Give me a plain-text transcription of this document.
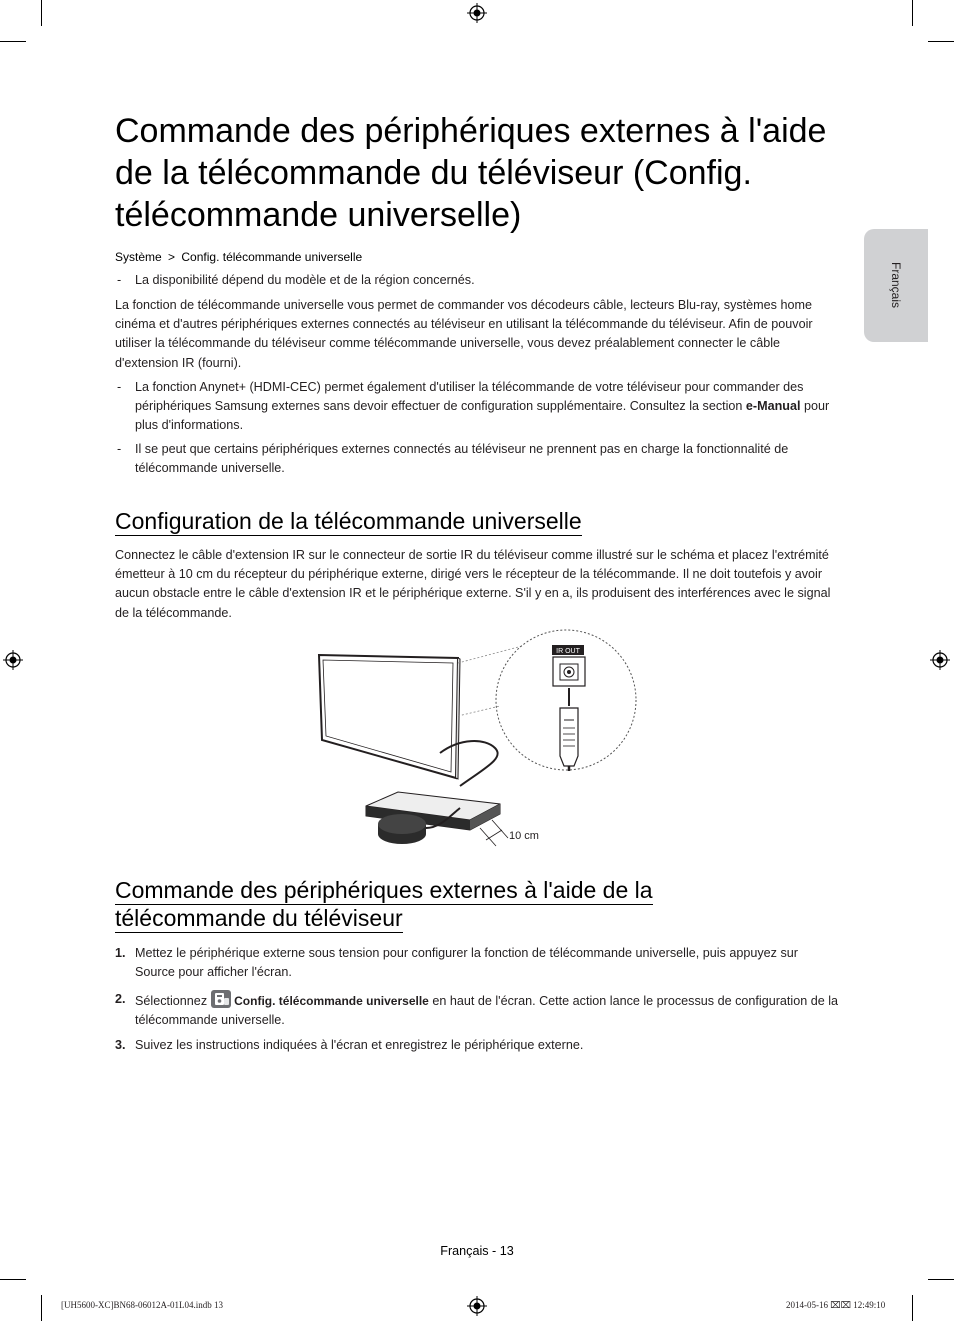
Français
Commande des périphériques externes à l'aide de la télécommande du téléviseur (Config. télécommande universelle)
Système > Config. télécommande universelle
- La disponibilité dépend du modèle et de la région concernés.

La fonction de télécommande universelle vous permet de commander vos décodeurs câble, lecteurs Blu-ray, systèmes home cinéma et d'autres périphériques externes connectés au téléviseur en utilisant la télécommande du téléviseur. Afin de pouvoir utiliser la télécommande du téléviseur comme télécommande universelle, vous devez préalablement connecter le câble d'extension IR (fourni).

- La fonction Anynet+ (HDMI-CEC) permet également d'utiliser la télécommande de votre téléviseur pour commander des périphériques Samsung externes sans devoir effectuer de configuration supplémentaire. Consultez la section e-Manual pour plus d'informations.
- Il se peut que certains périphériques externes connectés au téléviseur ne prennent pas en charge la fonctionnalité de télécommande universelle.
Configuration de la télécommande universelle

Connectez le câble d'extension IR sur le connecteur de sortie IR du téléviseur comme illustré sur le schéma et placez l'extrémité émetteur à 10 cm du récepteur du périphérique externe, dirigé vers le récepteur de la télécommande. Il ne doit toutefois y avoir aucun obstacle entre le câble d'extension IR et le périphérique externe. S'il y en a, ils produisent des interférences avec le signal de la télécommande.

IR OUT
10 cm
Commande des périphériques externes à l'aide de la télécommande du téléviseur
1. Mettez le périphérique externe sous tension pour configurer la fonction de télécommande universelle, puis appuyez sur Source pour afficher l'écran.
2. Sélectionnez Config. télécommande universelle en haut de l'écran. Cette action lance le processus de configuration de la télécommande universelle.
3. Suivez les instructions indiquées à l'écran et enregistrez le périphérique externe.
Français - 13
[UH5600-XC]BN68-06012A-01L04.indb 13	2014-05-16 ⌧⌧ 12:49:10
